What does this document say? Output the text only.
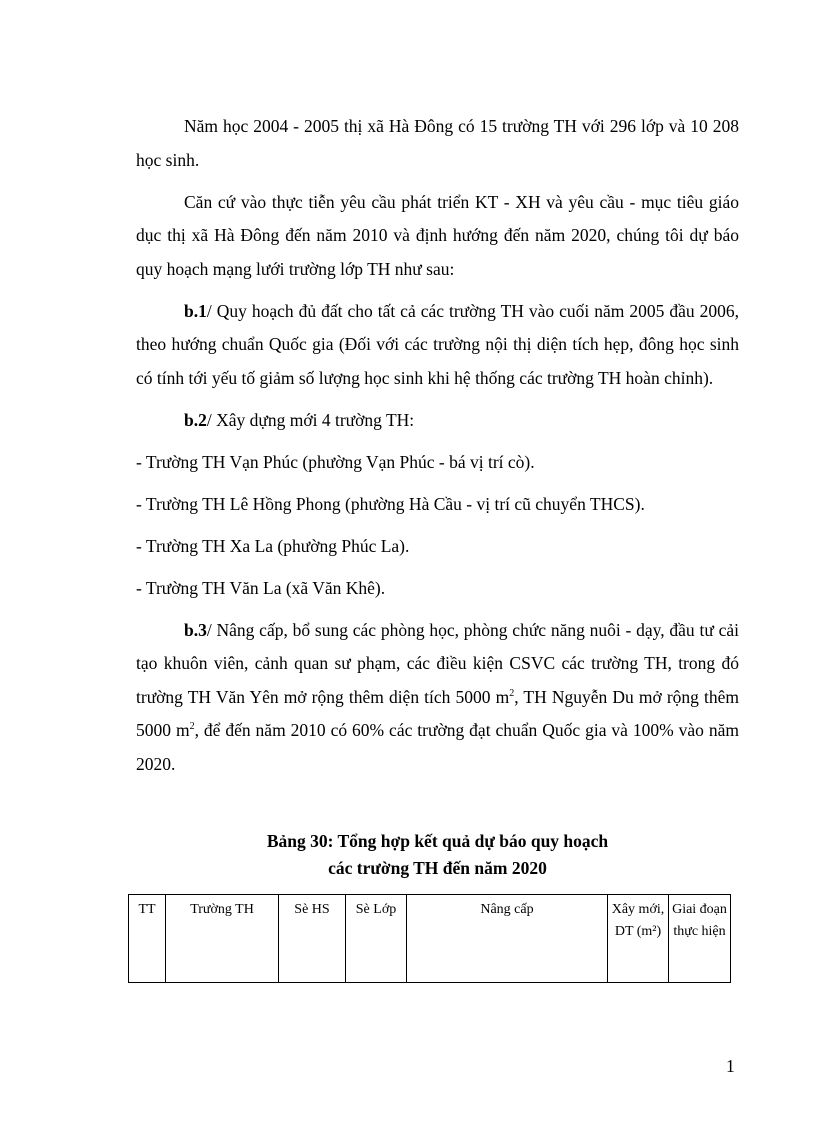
Năm học 2004 - 2005 thị xã Hà Đông có 15 trường TH với 296 lớp và 10 208 học sinh.

Căn cứ vào thực tiễn yêu cầu phát triển KT - XH và yêu cầu - mục tiêu giáo dục thị xã Hà Đông đến năm 2010 và định hướng đến năm 2020, chúng tôi dự báo quy hoạch mạng lưới trường lớp TH như sau:

b.1/ Quy hoạch đủ đất cho tất cả các trường TH vào cuối năm 2005 đầu 2006, theo hướng chuẩn Quốc gia (Đối với các trường nội thị diện tích hẹp, đông học sinh có tính tới yếu tố giảm số lượng học sinh khi hệ thống các trường TH hoàn chỉnh).

b.2/ Xây dựng mới 4 trường TH:

- Trường TH Vạn Phúc (phường Vạn Phúc - bá vị trí cò).

- Trường TH Lê Hồng Phong (phường Hà Cầu - vị trí cũ chuyển THCS).

- Trường TH Xa La (phường Phúc La).

- Trường TH Văn La (xã Văn Khê).

b.3/ Nâng cấp, bổ sung các phòng học, phòng chức năng nuôi - dạy, đầu tư cải tạo khuôn viên, cảnh quan sư phạm, các điều kiện CSVC các trường TH, trong đó trường TH Văn Yên mở rộng thêm diện tích 5000 $m^2$, TH Nguyễn Du mở rộng thêm 5000 $m^2$, để đến năm 2010 có 60% các trường đạt chuẩn Quốc gia và 100% vào năm 2020.

Bảng 30: Tổng hợp kết quả dự báo quy hoạch
các trường TH đến năm 2020
TT	Trường TH	Sè HS	Sè Lớp	Nâng cấp	Xây mới, DT (m²)	Giai đoạn thực hiện
1
